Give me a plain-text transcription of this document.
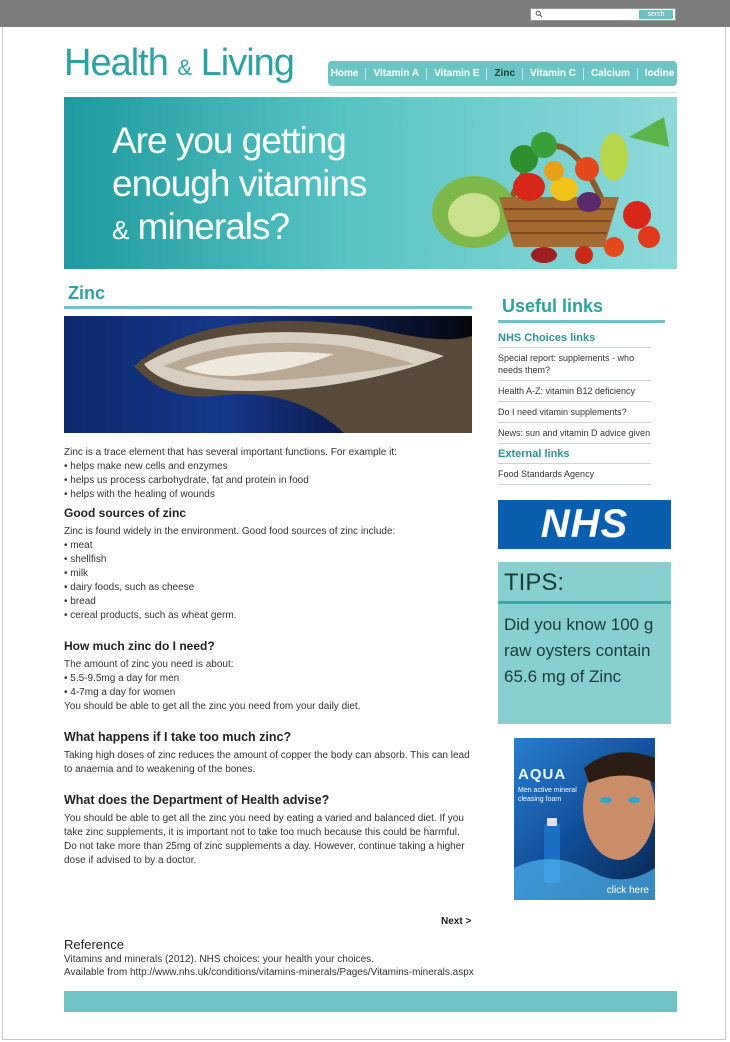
serch
Health & Living	Home	Vitamin A	Vitamin E	Zinc	Vitamin C	Calcium	Iodine
Are you getting
enough vitamins
& minerals?
Zinc

Zinc is a trace element that has several important functions. For example it:

• helps make new cells and enzymes
• helps us process carbohydrate, fat and protein in food
• helps with the healing of wounds
Good sources of zinc

Zinc is found widely in the environment. Good food sources of zinc include:

• meat
• shellfish
• milk
• dairy foods, such as cheese
• bread
• cereal products, such as wheat germ.
How much zinc do I need?

The amount of zinc you need is about:

• 5.5-9.5mg a day for men
• 4-7mg a day for women

You should be able to get all the zinc you need from your daily diet.

What happens if I take too much zinc?

Taking high doses of zinc reduces the amount of copper the body can absorb. This can lead to anaemia and to weakening of the bones.

What does the Department of Health advise?

You should be able to get all the zinc you need by eating a varied and balanced diet. If you take zinc supplements, it is important not to take too much because this could be harmful.

Do not take more than 25mg of zinc supplements a day. However, continue taking a higher dose if advised to by a doctor.

Next >
Reference

Vitamins and minerals (2012). NHS choices: your health your choices.

Available from http://www.nhs.uk/conditions/vitamins-minerals/Pages/Vitamins-minerals.aspx

Useful links
NHS Choices links
Special report: supplements - who needs them?
Health A-Z: vitamin B12 deficiency
Do I need vitamin supplements?
News: sun and vitamin D advice given
External links
Food Standards Agency
NHS
TIPS:
Did you know 100 g raw oysters contain 65.6 mg of Zinc
AQUA
Men active mineral cleasing foam
click here
